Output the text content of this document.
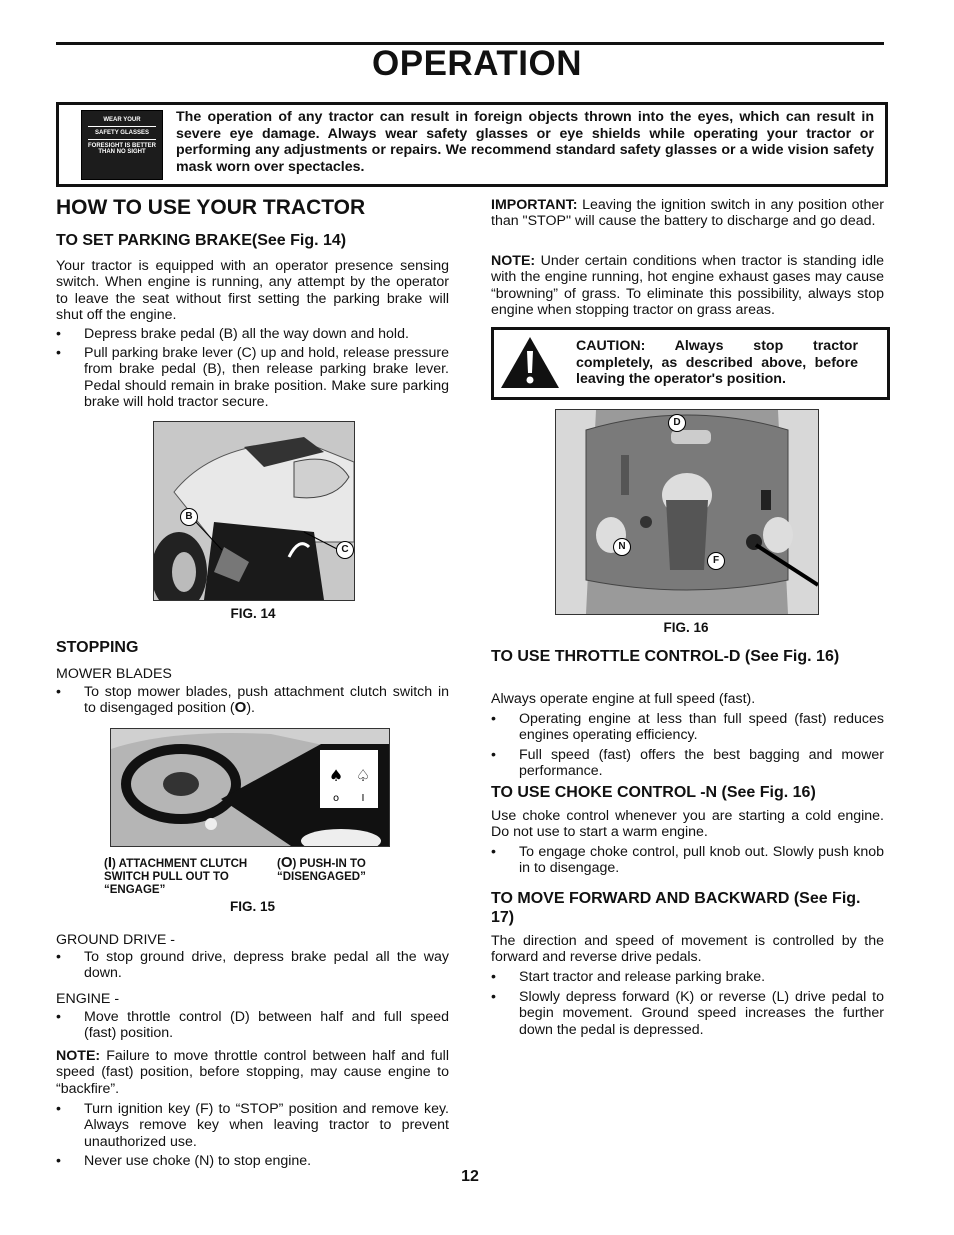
OPERATION
WEAR YOUR
SAFETY GLASSES
FORESIGHT IS BETTER THAN NO SIGHT
The operation of any tractor can result in foreign objects thrown into the eyes, which can result in severe eye damage. Always wear safety glasses or eye shields while operating your tractor or performing any adjustments or repairs. We recommend standard safety glasses or a wide vision safety mask worn over spectacles.
HOW TO USE YOUR TRACTOR
TO SET PARKING BRAKE(See Fig. 14)
Your tractor is equipped with an operator presence sensing switch. When engine is running, any attempt by the operator to leave the seat without first setting the parking brake will shut off the engine.
• Depress brake pedal (B) all the way down and hold.
• Pull parking brake lever (C) up and hold, release pressure from brake pedal (B), then release parking brake lever. Pedal should remain in brake position. Make sure parking brake will hold tractor secure.
B
C
FIG. 14
STOPPING
MOWER BLADES
• To stop mower blades, push attachment clutch switch in to disengaged position (O).
♠ ♤
o I
(I) ATTACHMENT CLUTCH SWITCH PULL OUT TO “ENGAGE”
(O) PUSH-IN TO “DISENGAGED”
FIG. 15
GROUND DRIVE -
• To stop ground drive, depress brake pedal all the way down.
ENGINE -
• Move throttle control (D) between half and full speed (fast) position.
NOTE: Failure to move throttle control between half and full speed (fast) position, before stopping, may cause engine to “backfire”.
• Turn ignition key (F) to “STOP” position and remove key. Always remove key when leaving tractor to prevent unauthorized use.
• Never use choke (N) to stop engine.
IMPORTANT: Leaving the ignition switch in any position other than "STOP" will cause the battery to discharge and go dead.
NOTE: Under certain conditions when tractor is standing idle with the engine running, hot engine exhaust gases may cause “browning” of grass. To eliminate this possibility, always stop engine when stopping tractor on grass areas.
CAUTION: Always stop tractor completely, as described above, before leaving the operator's position.
D
N
F
FIG. 16
TO USE THROTTLE CONTROL-D (See Fig. 16)
Always operate engine at full speed (fast).
• Operating engine at less than full speed (fast) reduces engines operating efficiency.
• Full speed (fast) offers the best bagging and mower performance.
TO USE CHOKE CONTROL -N (See Fig. 16)
Use choke control whenever you are starting a cold engine. Do not use to start a warm engine.
• To engage choke control, pull knob out. Slowly push knob in to disengage.
TO MOVE FORWARD AND BACKWARD (See Fig. 17)
The direction and speed of movement is controlled by the forward and reverse drive pedals.
• Start tractor and release parking brake.
• Slowly depress forward (K) or reverse (L) drive pedal to begin movement. Ground speed increases the further down the pedal is depressed.
12
